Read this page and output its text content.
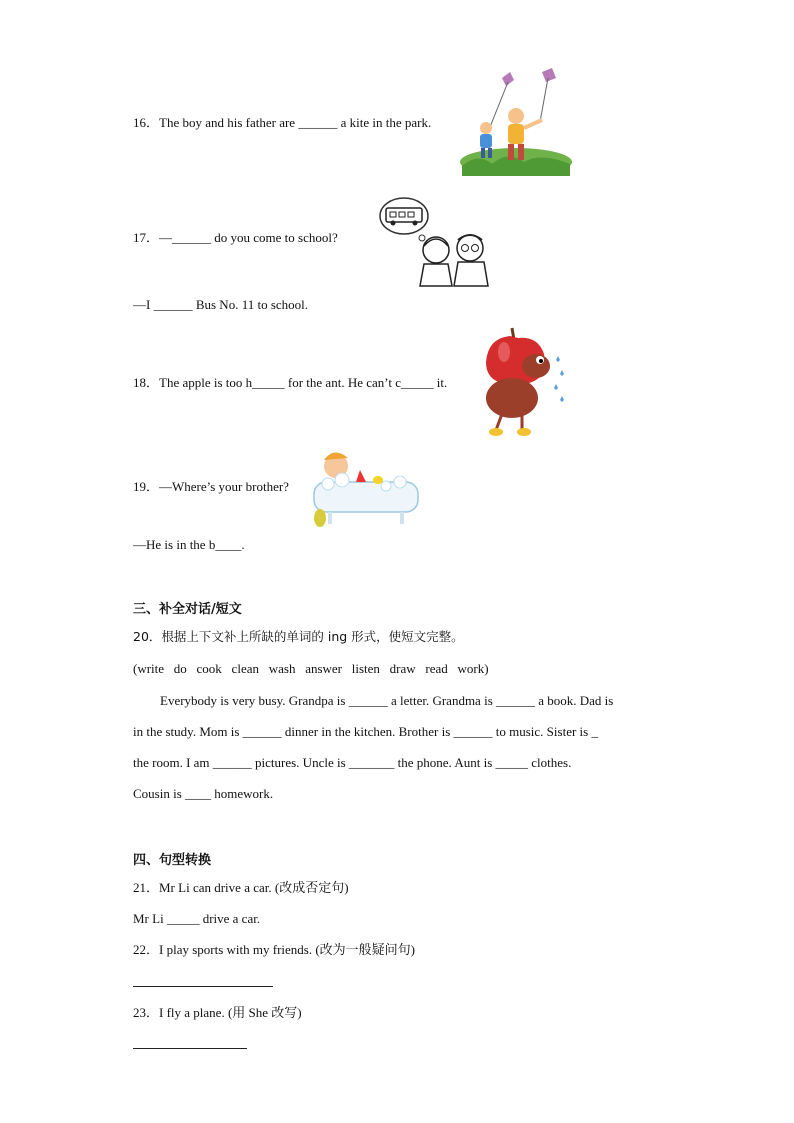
16．The boy and his father are ______ a kite in the park.
17．—______ do you come to school?
—I ______ Bus No. 11 to school.
18．The apple is too h_____ for the ant. He can’t c_____ it.
19．—Where’s your brother?
—He is in the b____.
三、补全对话/短文
20．根据上下文补上所缺的单词的 ing 形式，使短文完整。
(write   do   cook   clean   wash   answer   listen   draw   read   work)
Everybody is very busy. Grandpa is ______ a letter. Grandma is ______ a book. Dad is
in the study. Mom is ______ dinner in the kitchen. Brother is ______ to music. Sister is _
the room. I am ______ pictures. Uncle is _______ the phone. Aunt is _____ clothes.
Cousin is ____ homework.
四、句型转换
21．Mr Li can drive a car. (改成否定句)
Mr Li _____ drive a car.
22．I play sports with my friends. (改为一般疑问句)
23．I fly a plane. (用 She 改写)
